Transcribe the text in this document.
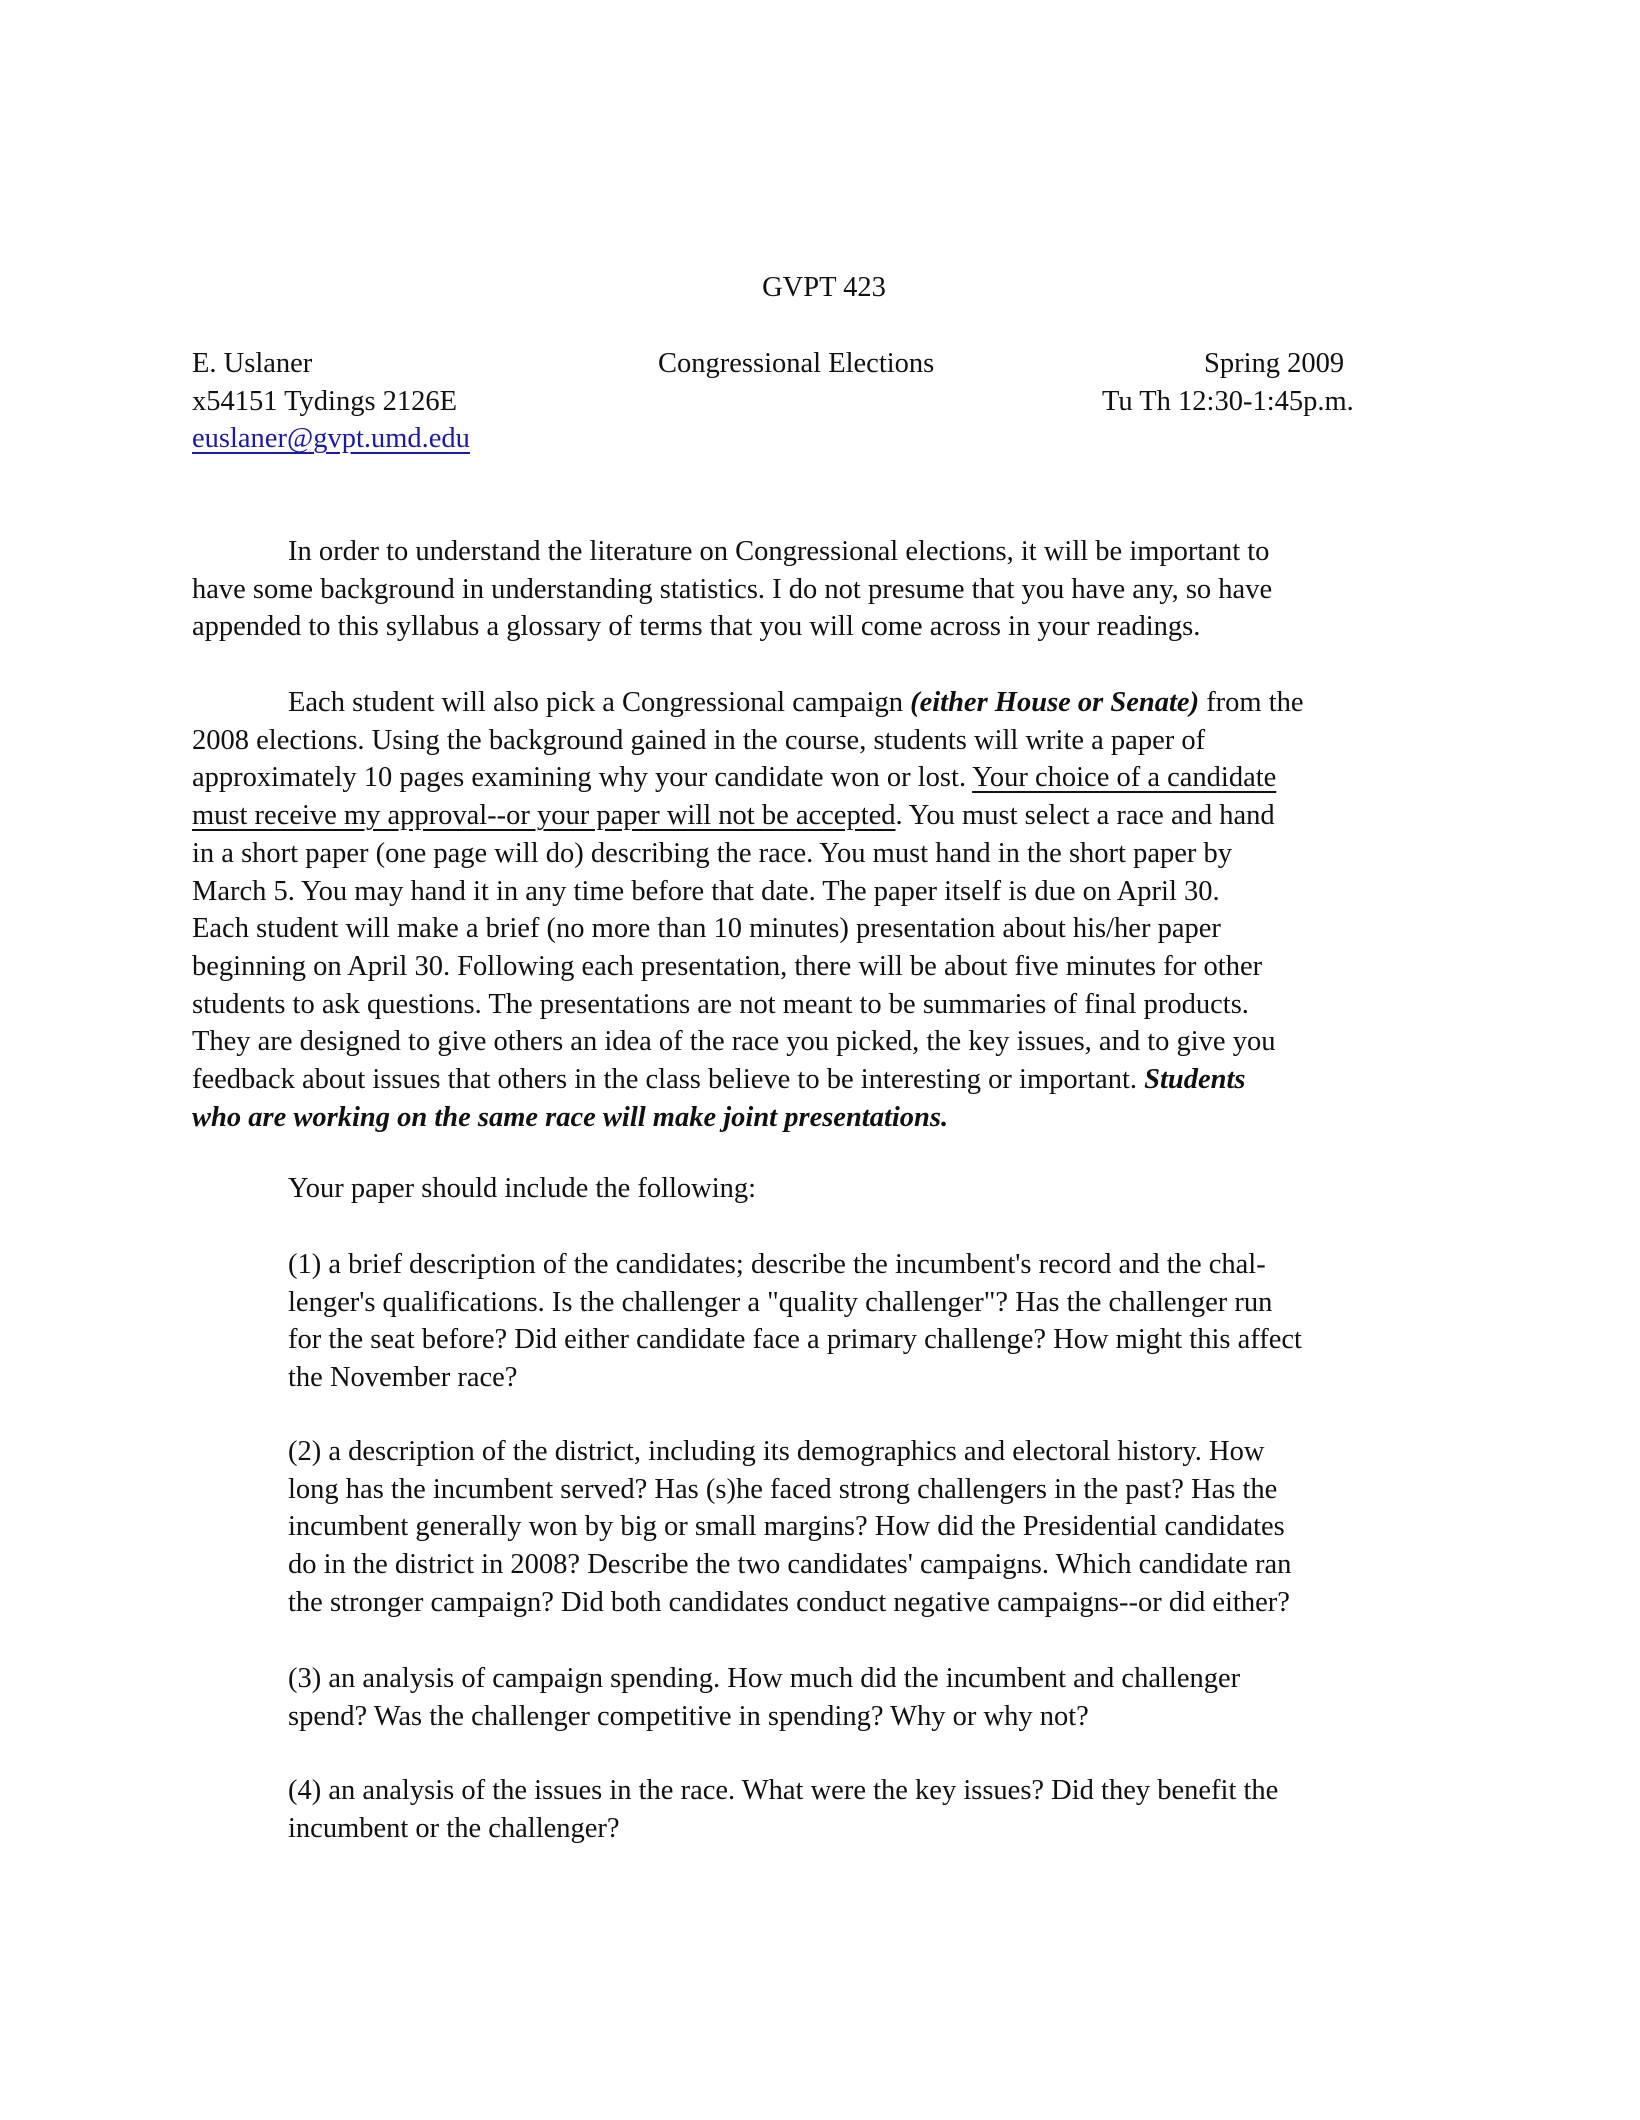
GVPT 423
E. Uslaner	Congressional Elections	Spring 2009
x54151 Tydings 2126E	Tu Th 12:30-1:45p.m.
euslaner@gvpt.umd.edu

In order to understand the literature on Congressional elections, it will be important to

have some background in understanding statistics. I do not presume that you have any, so have

appended to this syllabus a glossary of terms that you will come across in your readings.

Each student will also pick a Congressional campaign (either House or Senate) from the

2008 elections. Using the background gained in the course, students will write a paper of

approximately 10 pages examining why your candidate won or lost. Your choice of a candidate

must receive my approval--or your paper will not be accepted. You must select a race and hand

in a short paper (one page will do) describing the race. You must hand in the short paper by

March 5. You may hand it in any time before that date. The paper itself is due on April 30.

Each student will make a brief (no more than 10 minutes) presentation about his/her paper

beginning on April 30. Following each presentation, there will be about five minutes for other

students to ask questions. The presentations are not meant to be summaries of final products.

They are designed to give others an idea of the race you picked, the key issues, and to give you

feedback about issues that others in the class believe to be interesting or important. Students

who are working on the same race will make joint presentations.

Your paper should include the following:

(1) a brief description of the candidates; describe the incumbent's record and the chal-

lenger's qualifications. Is the challenger a "quality challenger"? Has the challenger run

for the seat before? Did either candidate face a primary challenge? How might this affect

the November race?

(2) a description of the district, including its demographics and electoral history. How

long has the incumbent served? Has (s)he faced strong challengers in the past? Has the

incumbent generally won by big or small margins? How did the Presidential candidates

do in the district in 2008? Describe the two candidates' campaigns. Which candidate ran

the stronger campaign? Did both candidates conduct negative campaigns--or did either?

(3) an analysis of campaign spending. How much did the incumbent and challenger

spend? Was the challenger competitive in spending? Why or why not?

(4) an analysis of the issues in the race. What were the key issues? Did they benefit the

incumbent or the challenger?
